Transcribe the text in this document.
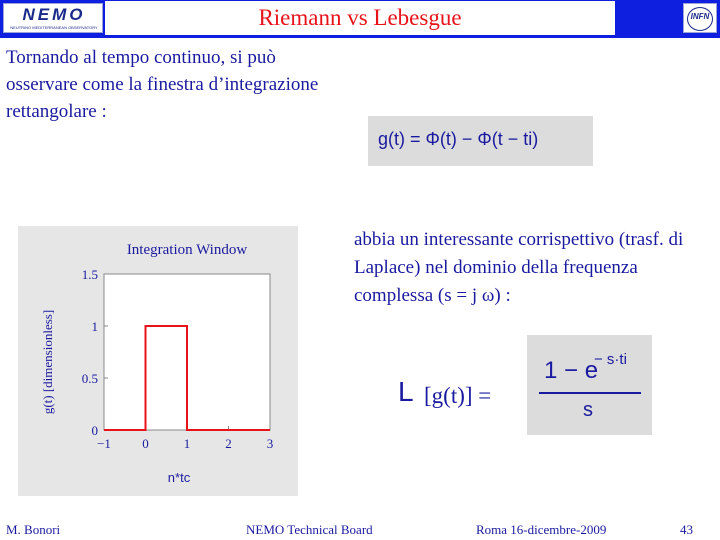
NEMO
NEUTRINO MEDITERRANEAN OBSERVATORY	Riemann vs Lebesgue	INFN
Tornando al tempo continuo, si può osservare come la finestra d’integrazione rettangolare :
g(t) = Φ(t) − Φ(t − ti)
abbia un interessante corrispettivo (trasf. di Laplace) nel dominio della frequenza complessa (s = j ω) :
Integration Window
0
0.5
1
1.5
−1 0	1	2	3
n*tc
g(t) [dimensionless]	L [g(t)] =
1 − e
− s·ti
s
M. Bonori	NEMO Technical Board	Roma 16-dicembre-2009	43
